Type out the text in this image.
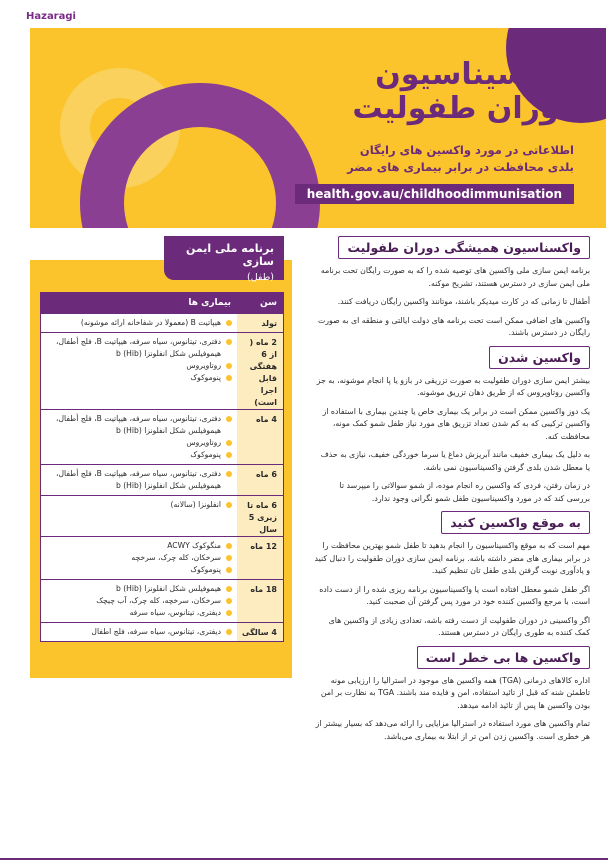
Hazaragi
واکسیناسیون
دوران طفولیت
اطلاعاتی در مورد واکسین های رایگان
بلدی محافظت در برابر بیماری های مضر
health.gov.au/childhoodimmunisation
برنامه ملی ایمن سازی
(طفل)
سن
بیماری ها
تولد
هیپاتیت B (معمولا در شفاخانه ارائه موشونه)
2 ماه ( از 6 هفتگی قابل اجرا است)
دفتری، تیتانوس، سیاه سرفه، هیپاتیت B، فلج أطفال، هیموفیلس شکل انفلونزا b (Hib)
روتاویروس
پنوموکوک
4 ماه
دفتری، تیتانوس، سیاه سرفه، هیپاتیت B، فلج أطفال، هیموفیلس شکل انفلونزا b (Hib)
روتاویروس
پنوموکوک
6 ماه
دفتری، تیتانوس، سیاه سرفه، هیپاتیت B، فلج أطفال، هیموفیلس شکل انفلونزا b (Hib)
6 ماه تا زیری 5 سال
انفلونزا (سالانه)
12 ماه
منگوکوک ACWY
سرخکان، کله چرک، سرخچه
پنوموکوک
18 ماه
هیموفیلس شکل انفلونزا b (Hib)
سرخکان، سرخچه، کله چرک، آب چیچک
دیفتری، تیتانوس، سیاه سرفه
4 سالگی
دیفتری، تیتانوس، سیاه سرفه، فلج اطفال
واکسناسیون همیشگی دوران طفولیت
برنامه ایمن سازی ملی واکسین های توصیه شده را که به صورت رایگان تحت برنامه ملی ایمن سازی در دسترس هستند، تشریح موکنه.
أطفال تا زمانی که در کارت میدیکر باشند، موتانند واکسین رایگان دریافت کنند.
واکسین های اضافی ممکن است تحت برنامه های دولت ایالتی و منطقه ای به صورت رایگان در دسترس باشند.
واکسین شدن
بیشتر ایمن سازی دوران طفولیت به صورت تزریقی در بازو یا پا انجام موشونه، به جز واکسین روتاویروس که از طریق دهان تزریق موشونه.
یک دوز واکسین ممکن است در برابر یک بیماری خاص یا چندین بیماری با استفاده از واکسین ترکیبی که به کم شدن تعداد تزریق های مورد نیاز طفل شمو کمک مونه، محافظت کنه.
به دلیل یک بیماری خفیف مانند آبریزش دماغ یا سرما خوردگی خفیف، نیازی به حذف یا معطل شدن بلدی گرفتن واکسیناسیون نمی باشه.
در زمان رفتن، فردی که واکسین ره انجام موده، از شمو سوالاتی را میپرسد تا بررسی کند که در مورد واکسیناسیون طفل شمو نگرانی وجود ندارد.
به موقع واکسین کنید
مهم است که به موقع واکسیناسیون را انجام بدهید تا طفل شمو بهترین محافظت را در برابر بیماری های مضر داشته باشه. برنامه ایمن سازی دوران طفولیت را دنبال کنید و یادآوری نوبت گرفتن بلدی طفل تان تنظیم کنید.
اگر طفل شمو معطل افتاده است یا واکسیناسیون برنامه ریزی شده را از دست داده است، با مرجع واکسین کننده خود در مورد پس گرفتن آن صحبت کنید.
اگر واکسینی در دوران طفولیت از دست رفته باشه، تعدادی زیادی از واکسین های کمک کننده به طوری رایگان در دسترس هستند.
واکسین ها بی خطر است
اداره کالاهای درمانی (TGA) همه واکسین های موجود در استرالیا را ارزیابی مونه تاطمئن شنه که قبل از تائید استفاده، امن و فایده مند باشند. TGA به نظارت بر امن بودن واکسین ها پس از تائید ادامه میدهد.
تمام واکسین های مورد استفاده در استرالیا مزایایی را ارائه می‌دهد که بسیار بیشتر از هر خطری است. واکسین زدن امن تر از ابتلا به بیماری می‌باشد.
